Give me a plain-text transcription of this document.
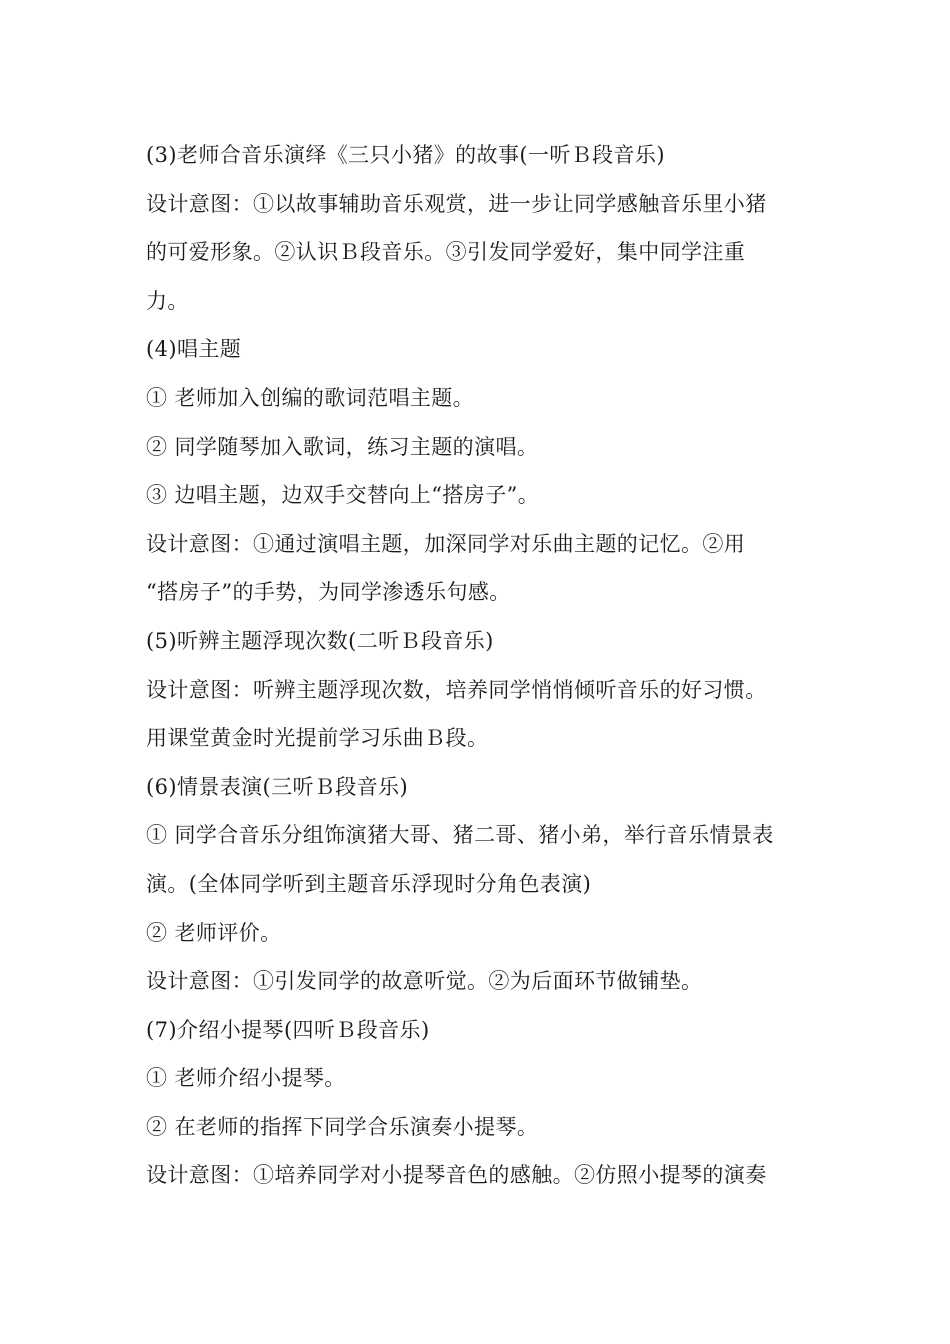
(3)老师合音乐演绎《三只小猪》的故事(一听Ｂ段音乐)
设计意图：①以故事辅助音乐观赏，进一步让同学感触音乐里小猪
的可爱形象。②认识Ｂ段音乐。③引发同学爱好，集中同学注重
力。
(4)唱主题
① 老师加入创编的歌词范唱主题。
② 同学随琴加入歌词，练习主题的演唱。
③ 边唱主题，边双手交替向上“搭房子”。
设计意图：①通过演唱主题，加深同学对乐曲主题的记忆。②用
“搭房子”的手势，为同学渗透乐句感。
(5)听辨主题浮现次数(二听Ｂ段音乐)
设计意图：听辨主题浮现次数，培养同学悄悄倾听音乐的好习惯。
用课堂黄金时光提前学习乐曲Ｂ段。
(6)情景表演(三听Ｂ段音乐)
① 同学合音乐分组饰演猪大哥、猪二哥、猪小弟，举行音乐情景表
演。(全体同学听到主题音乐浮现时分角色表演)
② 老师评价。
设计意图：①引发同学的故意听觉。②为后面环节做铺垫。
(7)介绍小提琴(四听Ｂ段音乐)
① 老师介绍小提琴。
② 在老师的指挥下同学合乐演奏小提琴。
设计意图：①培养同学对小提琴音色的感触。②仿照小提琴的演奏
